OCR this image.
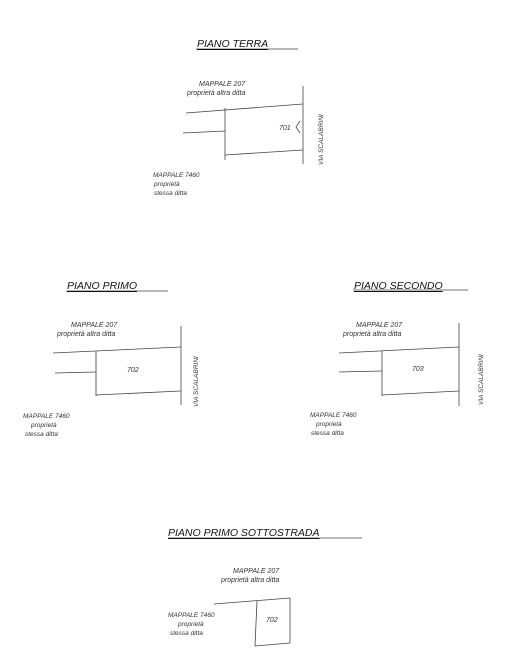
PIANO TERRA
MAPPALE 207
proprietà altra ditta
701
MAPPALE 7460
proprietà
stessa ditta
VIA SCALABRINI
PIANO PRIMO
MAPPALE 207
proprietà altra ditta
702
MAPPALE 7460
proprietà
stessa ditta
VIA SCALABRINI
PIANO SECONDO
MAPPALE 207
proprietà altra ditta
703
MAPPALE 7460
proprietà
stessa ditta
VIA SCALABRINI
PIANO PRIMO SOTTOSTRADA
MAPPALE 207
proprietà altra ditta
702
MAPPALE 7460
proprietà
stessa ditta
